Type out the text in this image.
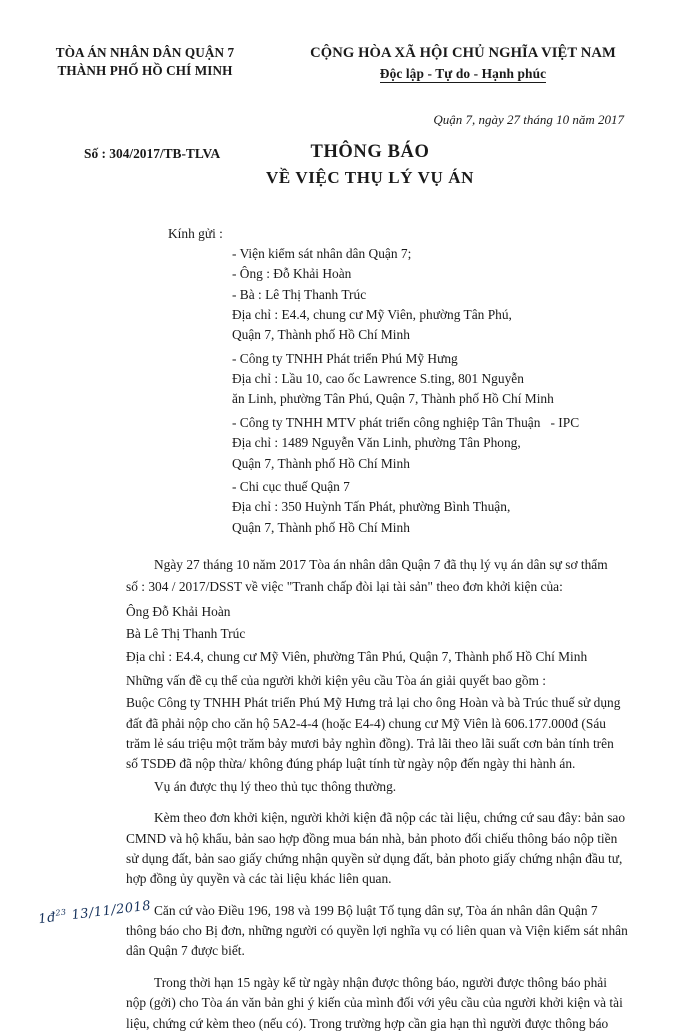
TÒA ÁN NHÂN DÂN QUẬN 7
THÀNH PHỐ HỒ CHÍ MINH
CỘNG HÒA XÃ HỘI CHỦ NGHĨA VIỆT NAM
Độc lập - Tự do - Hạnh phúc
Quận 7, ngày 27 tháng 10 năm 2017
Số : 304/2017/TB-TLVA	THÔNG BÁO
VỀ VIỆC THỤ LÝ VỤ ÁN
Kính gửi :
- Viện kiểm sát nhân dân Quận 7;
- Ông : Đỗ Khải Hoàn
- Bà : Lê Thị Thanh Trúc
Địa chỉ : E4.4, chung cư Mỹ Viên, phường Tân Phú,
Quận 7, Thành phố Hồ Chí Minh
- Công ty TNHH Phát triển Phú Mỹ Hưng
Địa chỉ : Lầu 10, cao ốc Lawrence S.ting, 801 Nguyễn
ăn Linh, phường Tân Phú, Quận 7, Thành phố Hồ Chí Minh
- Công ty TNHH MTV phát triển công nghiệp Tân Thuận   - IPC
Địa chỉ : 1489 Nguyễn Văn Linh, phường Tân Phong,
Quận 7, Thành phố Hồ Chí Minh
- Chi cục thuế Quận 7
Địa chỉ : 350 Huỳnh Tấn Phát, phường Bình Thuận,
Quận 7, Thành phố Hồ Chí Minh
Ngày 27 tháng 10 năm 2017 Tòa án nhân dân Quận 7 đã thụ lý vụ án dân sự sơ thẩm
số : 304 / 2017/DSST về việc "Tranh chấp đòi lại tài sản" theo đơn khởi kiện của:
Ông Đỗ Khải Hoàn
Bà Lê Thị Thanh Trúc
Địa chỉ : E4.4, chung cư Mỹ Viên, phường Tân Phú, Quận 7, Thành phố Hồ Chí Minh
Những vấn đề cụ thể của người khởi kiện yêu cầu Tòa án giải quyết bao gồm :
Buộc Công ty TNHH Phát triển Phú Mỹ Hưng trả lại cho ông Hoàn và bà Trúc thuế sử dụng đất đã phải nộp cho căn hộ 5A2-4-4 (hoặc E4-4) chung cư Mỹ Viên là 606.177.000đ (Sáu trăm lẻ sáu triệu một trăm bảy mươi bảy nghìn đồng). Trả lãi theo lãi suất cơn bản tính trên số TSDĐ đã nộp thừa/ không đúng pháp luật tính từ ngày nộp đến ngày thi hành án.
Vụ án được thụ lý theo thủ tục thông thường.
Kèm theo đơn khởi kiện, người khởi kiện đã nộp các tài liệu, chứng cứ sau đây: bản sao CMND và hộ khẩu, bản sao hợp đồng mua bán nhà, bản photo đối chiếu thông báo nộp tiền sử dụng đất, bản sao giấy chứng nhận quyền sử dụng đất, bản photo giấy chứng nhận đầu tư, hợp đồng ủy quyền và các tài liệu khác liên quan.
Căn cứ vào Điều 196, 198 và 199 Bộ luật Tố tụng dân sự, Tòa án nhân dân Quận 7 thông báo cho Bị đơn, những người có quyền lợi nghĩa vụ có liên quan và Viện kiểm sát nhân dân Quận 7 được biết.
Trong thời hạn 15 ngày kể từ ngày nhận được thông báo, người được thông báo phải nộp (gởi) cho Tòa án văn bản ghi ý kiến của mình đối với yêu cầu của người khởi kiện và tài liệu, chứng cứ kèm theo (nếu có). Trong trường hợp cần gia hạn thì người được thông báo
$1đ^{23}$ 13/11/2018
